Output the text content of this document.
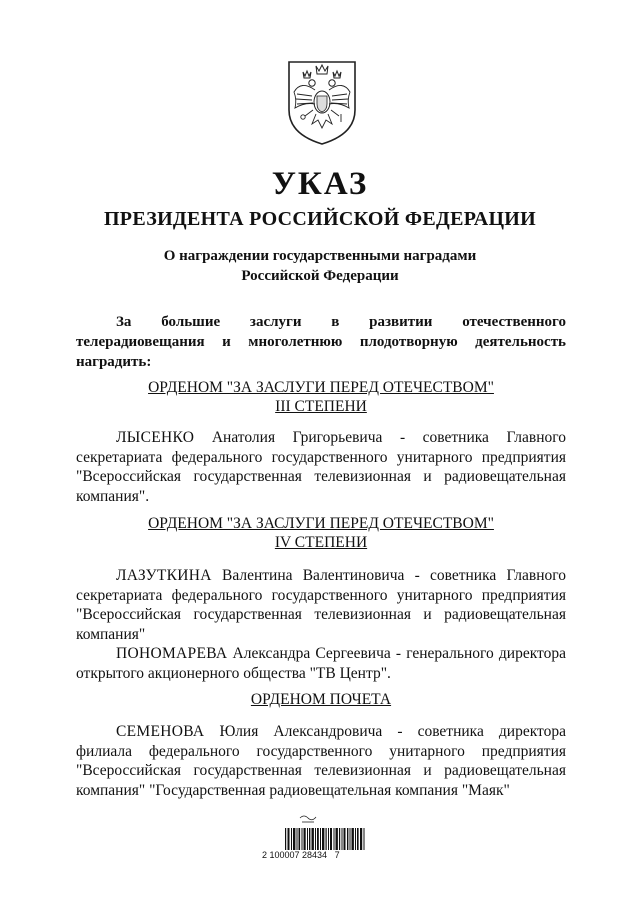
УКАЗ
ПРЕЗИДЕНТА РОССИЙСКОЙ ФЕДЕРАЦИИ
О награждении государственными наградами
Российской Федерации
За большие заслуги в развитии отечественного телерадиовещания и многолетнюю плодотворную деятельность наградить:
ОРДЕНОМ "ЗА ЗАСЛУГИ ПЕРЕД ОТЕЧЕСТВОМ"
III СТЕПЕНИ
ЛЫСЕНКО Анатолия Григорьевича - советника Главного секретариата федерального государственного унитарного предприятия "Всероссийская государственная телевизионная и радиовещательная компания".
ОРДЕНОМ "ЗА ЗАСЛУГИ ПЕРЕД ОТЕЧЕСТВОМ"
IV СТЕПЕНИ
ЛАЗУТКИНА Валентина Валентиновича - советника Главного секретариата федерального государственного унитарного предприятия "Всероссийская государственная телевизионная и радиовещательная компания"
ПОНОМАРЕВА Александра Сергеевича - генерального директора открытого акционерного общества "ТВ Центр".
ОРДЕНОМ ПОЧЕТА
СЕМЕНОВА Юлия Александровича - советника директора филиала федерального государственного унитарного предприятия "Всероссийская государственная телевизионная и радиовещательная компания" "Государственная радиовещательная компания "Маяк"
2 100007 28434   7
